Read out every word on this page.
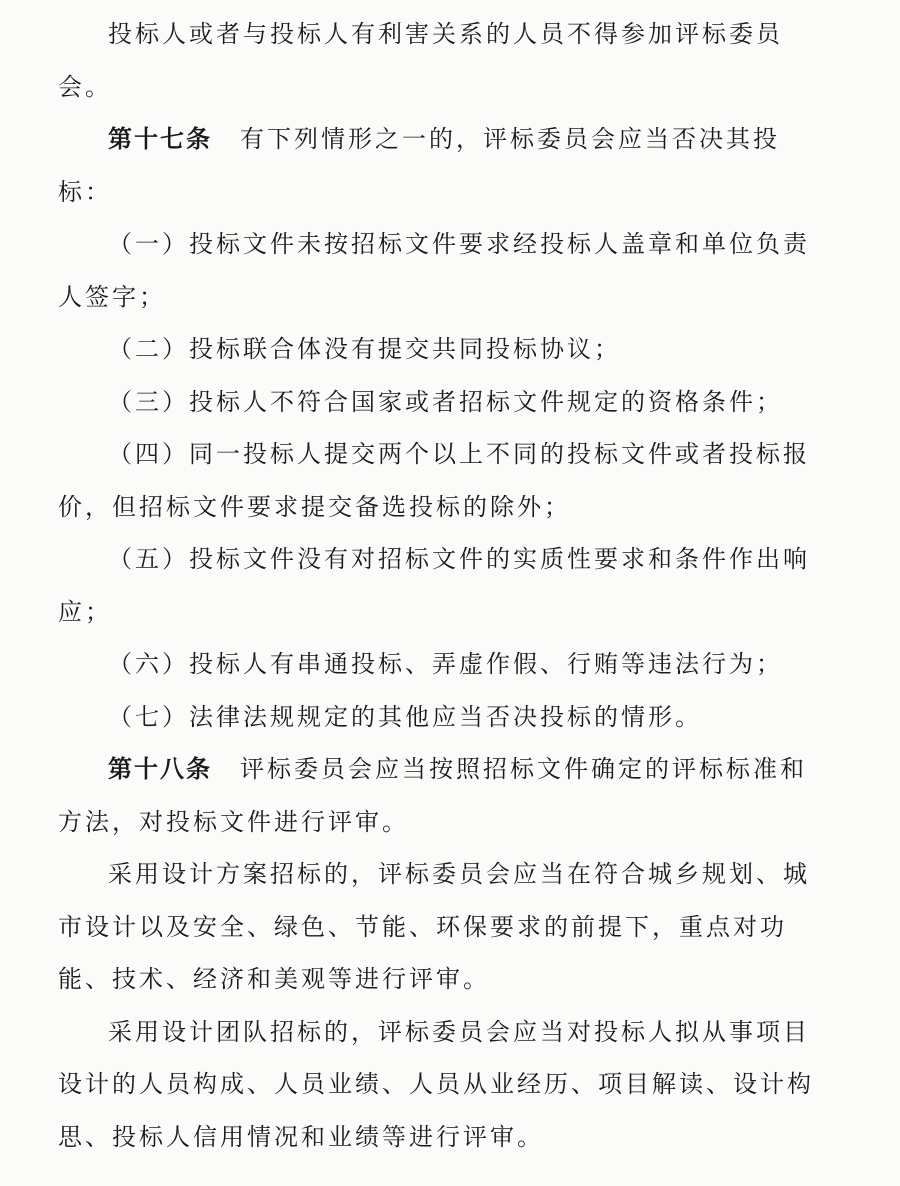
投标人或者与投标人有利害关系的人员不得参加评标委员
会。
第十七条 有下列情形之一的，评标委员会应当否决其投
标：
（一）投标文件未按招标文件要求经投标人盖章和单位负责
人签字；
（二）投标联合体没有提交共同投标协议；
（三）投标人不符合国家或者招标文件规定的资格条件；
（四）同一投标人提交两个以上不同的投标文件或者投标报
价，但招标文件要求提交备选投标的除外；
（五）投标文件没有对招标文件的实质性要求和条件作出响
应；
（六）投标人有串通投标、弄虚作假、行贿等违法行为；
（七）法律法规规定的其他应当否决投标的情形。
第十八条 评标委员会应当按照招标文件确定的评标标准和
方法，对投标文件进行评审。
采用设计方案招标的，评标委员会应当在符合城乡规划、城
市设计以及安全、绿色、节能、环保要求的前提下，重点对功
能、技术、经济和美观等进行评审。
采用设计团队招标的，评标委员会应当对投标人拟从事项目
设计的人员构成、人员业绩、人员从业经历、项目解读、设计构
思、投标人信用情况和业绩等进行评审。
